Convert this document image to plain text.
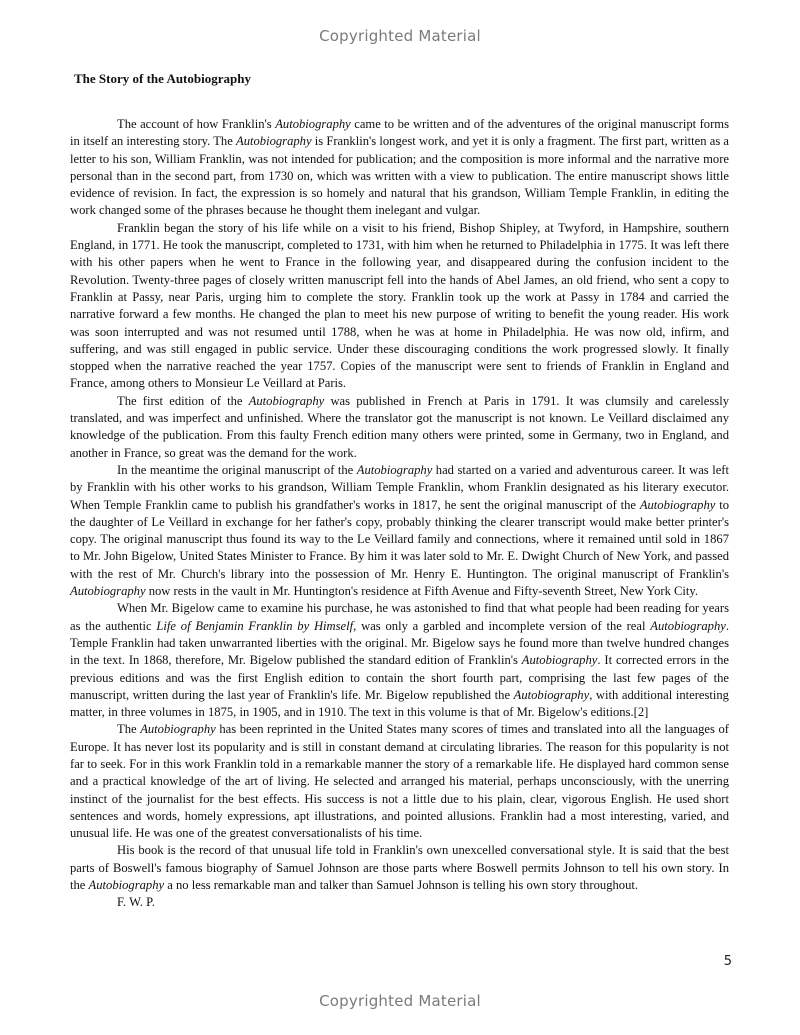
Copyrighted Material
The Story of the Autobiography

The account of how Franklin's Autobiography came to be written and of the adventures of the original manuscript forms in itself an interesting story. The Autobiography is Franklin's longest work, and yet it is only a fragment. The first part, written as a letter to his son, William Franklin, was not intended for publication; and the composition is more informal and the narrative more personal than in the second part, from 1730 on, which was written with a view to publication. The entire manuscript shows little evidence of revision. In fact, the expression is so homely and natural that his grandson, William Temple Franklin, in editing the work changed some of the phrases because he thought them inelegant and vulgar.

Franklin began the story of his life while on a visit to his friend, Bishop Shipley, at Twyford, in Hampshire, southern England, in 1771. He took the manuscript, completed to 1731, with him when he returned to Philadelphia in 1775. It was left there with his other papers when he went to France in the following year, and disappeared during the confusion incident to the Revolution. Twenty-three pages of closely written manuscript fell into the hands of Abel James, an old friend, who sent a copy to Franklin at Passy, near Paris, urging him to complete the story. Franklin took up the work at Passy in 1784 and carried the narrative forward a few months. He changed the plan to meet his new purpose of writing to benefit the young reader. His work was soon interrupted and was not resumed until 1788, when he was at home in Philadelphia. He was now old, infirm, and suffering, and was still engaged in public service. Under these discouraging conditions the work progressed slowly. It finally stopped when the narrative reached the year 1757. Copies of the manuscript were sent to friends of Franklin in England and France, among others to Monsieur Le Veillard at Paris.

The first edition of the Autobiography was published in French at Paris in 1791. It was clumsily and carelessly translated, and was imperfect and unfinished. Where the translator got the manuscript is not known. Le Veillard disclaimed any knowledge of the publication. From this faulty French edition many others were printed, some in Germany, two in England, and another in France, so great was the demand for the work.

In the meantime the original manuscript of the Autobiography had started on a varied and adventurous career. It was left by Franklin with his other works to his grandson, William Temple Franklin, whom Franklin designated as his literary executor. When Temple Franklin came to publish his grandfather's works in 1817, he sent the original manuscript of the Autobiography to the daughter of Le Veillard in exchange for her father's copy, probably thinking the clearer transcript would make better printer's copy. The original manuscript thus found its way to the Le Veillard family and connections, where it remained until sold in 1867 to Mr. John Bigelow, United States Minister to France. By him it was later sold to Mr. E. Dwight Church of New York, and passed with the rest of Mr. Church's library into the possession of Mr. Henry E. Huntington. The original manuscript of Franklin's Autobiography now rests in the vault in Mr. Huntington's residence at Fifth Avenue and Fifty-seventh Street, New York City.

When Mr. Bigelow came to examine his purchase, he was astonished to find that what people had been reading for years as the authentic Life of Benjamin Franklin by Himself, was only a garbled and incomplete version of the real Autobiography. Temple Franklin had taken unwarranted liberties with the original. Mr. Bigelow says he found more than twelve hundred changes in the text. In 1868, therefore, Mr. Bigelow published the standard edition of Franklin's Autobiography. It corrected errors in the previous editions and was the first English edition to contain the short fourth part, comprising the last few pages of the manuscript, written during the last year of Franklin's life. Mr. Bigelow republished the Autobiography, with additional interesting matter, in three volumes in 1875, in 1905, and in 1910. The text in this volume is that of Mr. Bigelow's editions.[2]

The Autobiography has been reprinted in the United States many scores of times and translated into all the languages of Europe. It has never lost its popularity and is still in constant demand at circulating libraries. The reason for this popularity is not far to seek. For in this work Franklin told in a remarkable manner the story of a remarkable life. He displayed hard common sense and a practical knowledge of the art of living. He selected and arranged his material, perhaps unconsciously, with the unerring instinct of the journalist for the best effects. His success is not a little due to his plain, clear, vigorous English. He used short sentences and words, homely expressions, apt illustrations, and pointed allusions. Franklin had a most interesting, varied, and unusual life. He was one of the greatest conversationalists of his time.

His book is the record of that unusual life told in Franklin's own unexcelled conversational style. It is said that the best parts of Boswell's famous biography of Samuel Johnson are those parts where Boswell permits Johnson to tell his own story. In the Autobiography a no less remarkable man and talker than Samuel Johnson is telling his own story throughout.

F. W. P.

5
Copyrighted Material
